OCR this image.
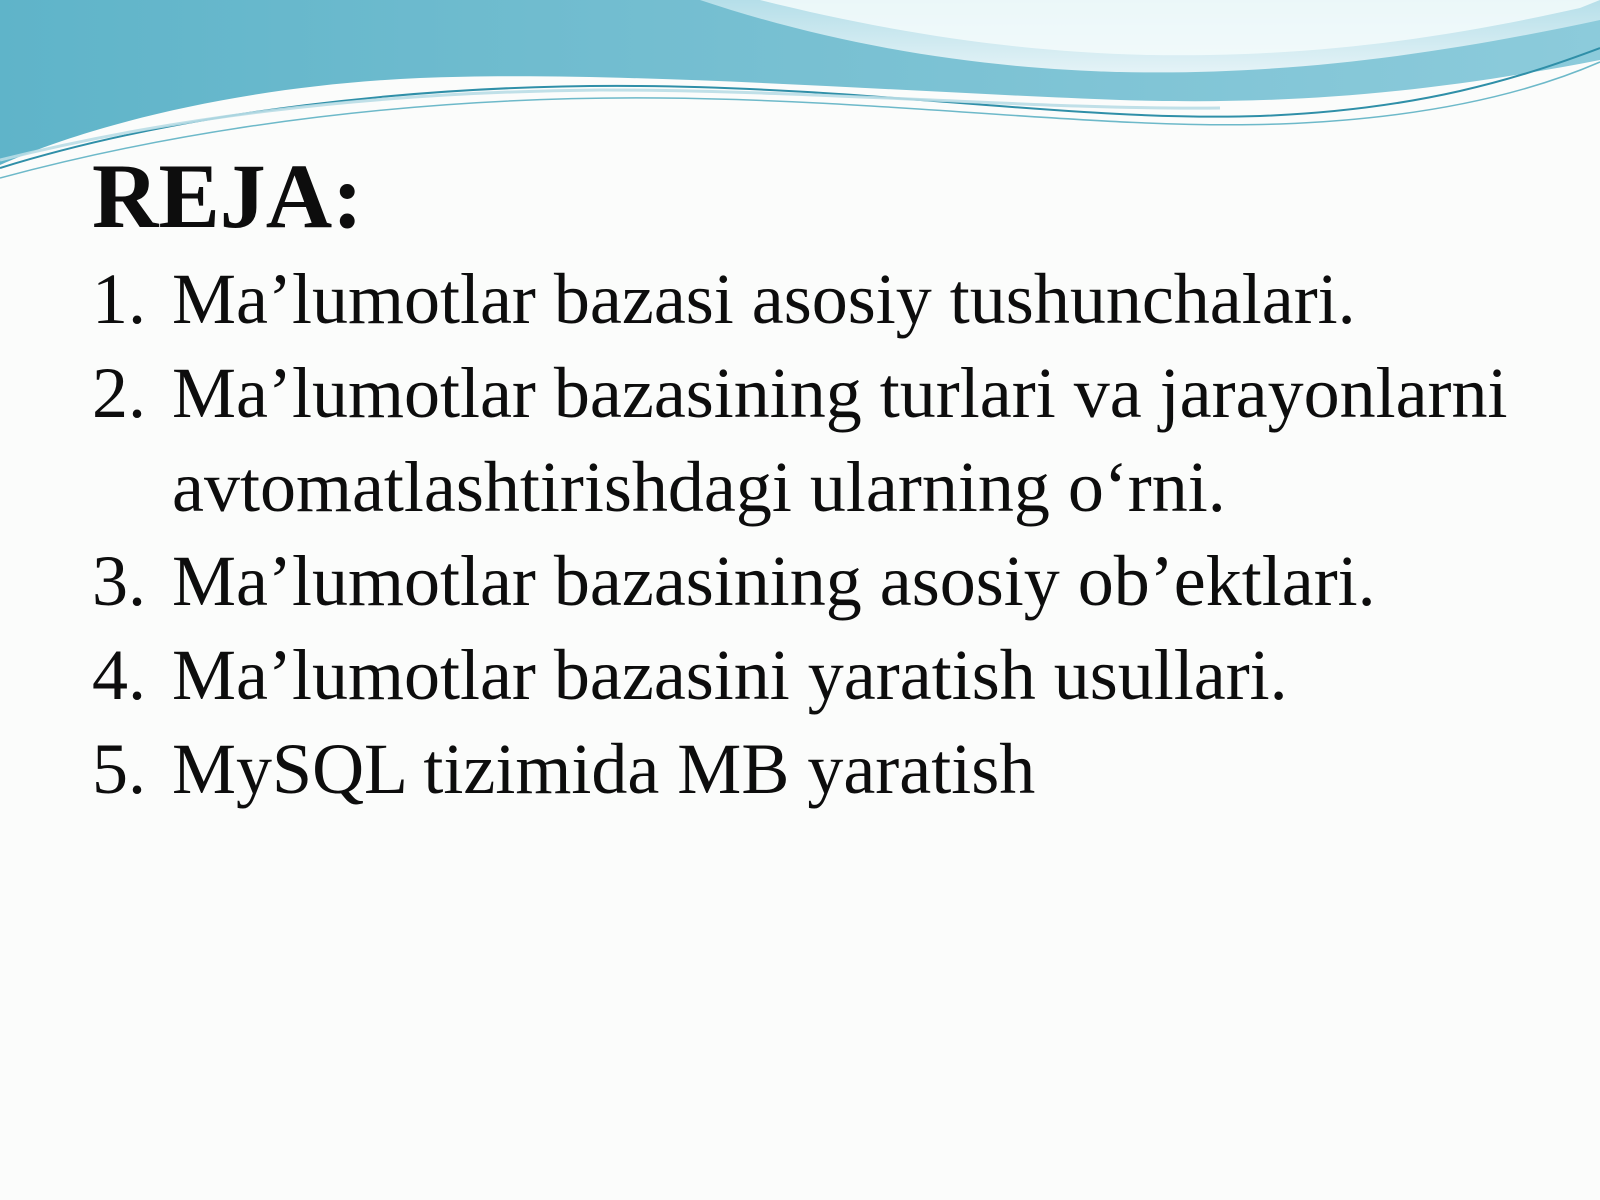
REJA:
1. Ma’lumotlar bazasi asosiy tushunchalari.
2. Ma’lumotlar bazasining turlari va jarayonlarni avtomatlashtirishdagi ularning o‘rni.
3. Ma’lumotlar bazasining asosiy ob’ektlari.
4. Ma’lumotlar bazasini yaratish usullari.
5. MySQL tizimida MB yaratish
